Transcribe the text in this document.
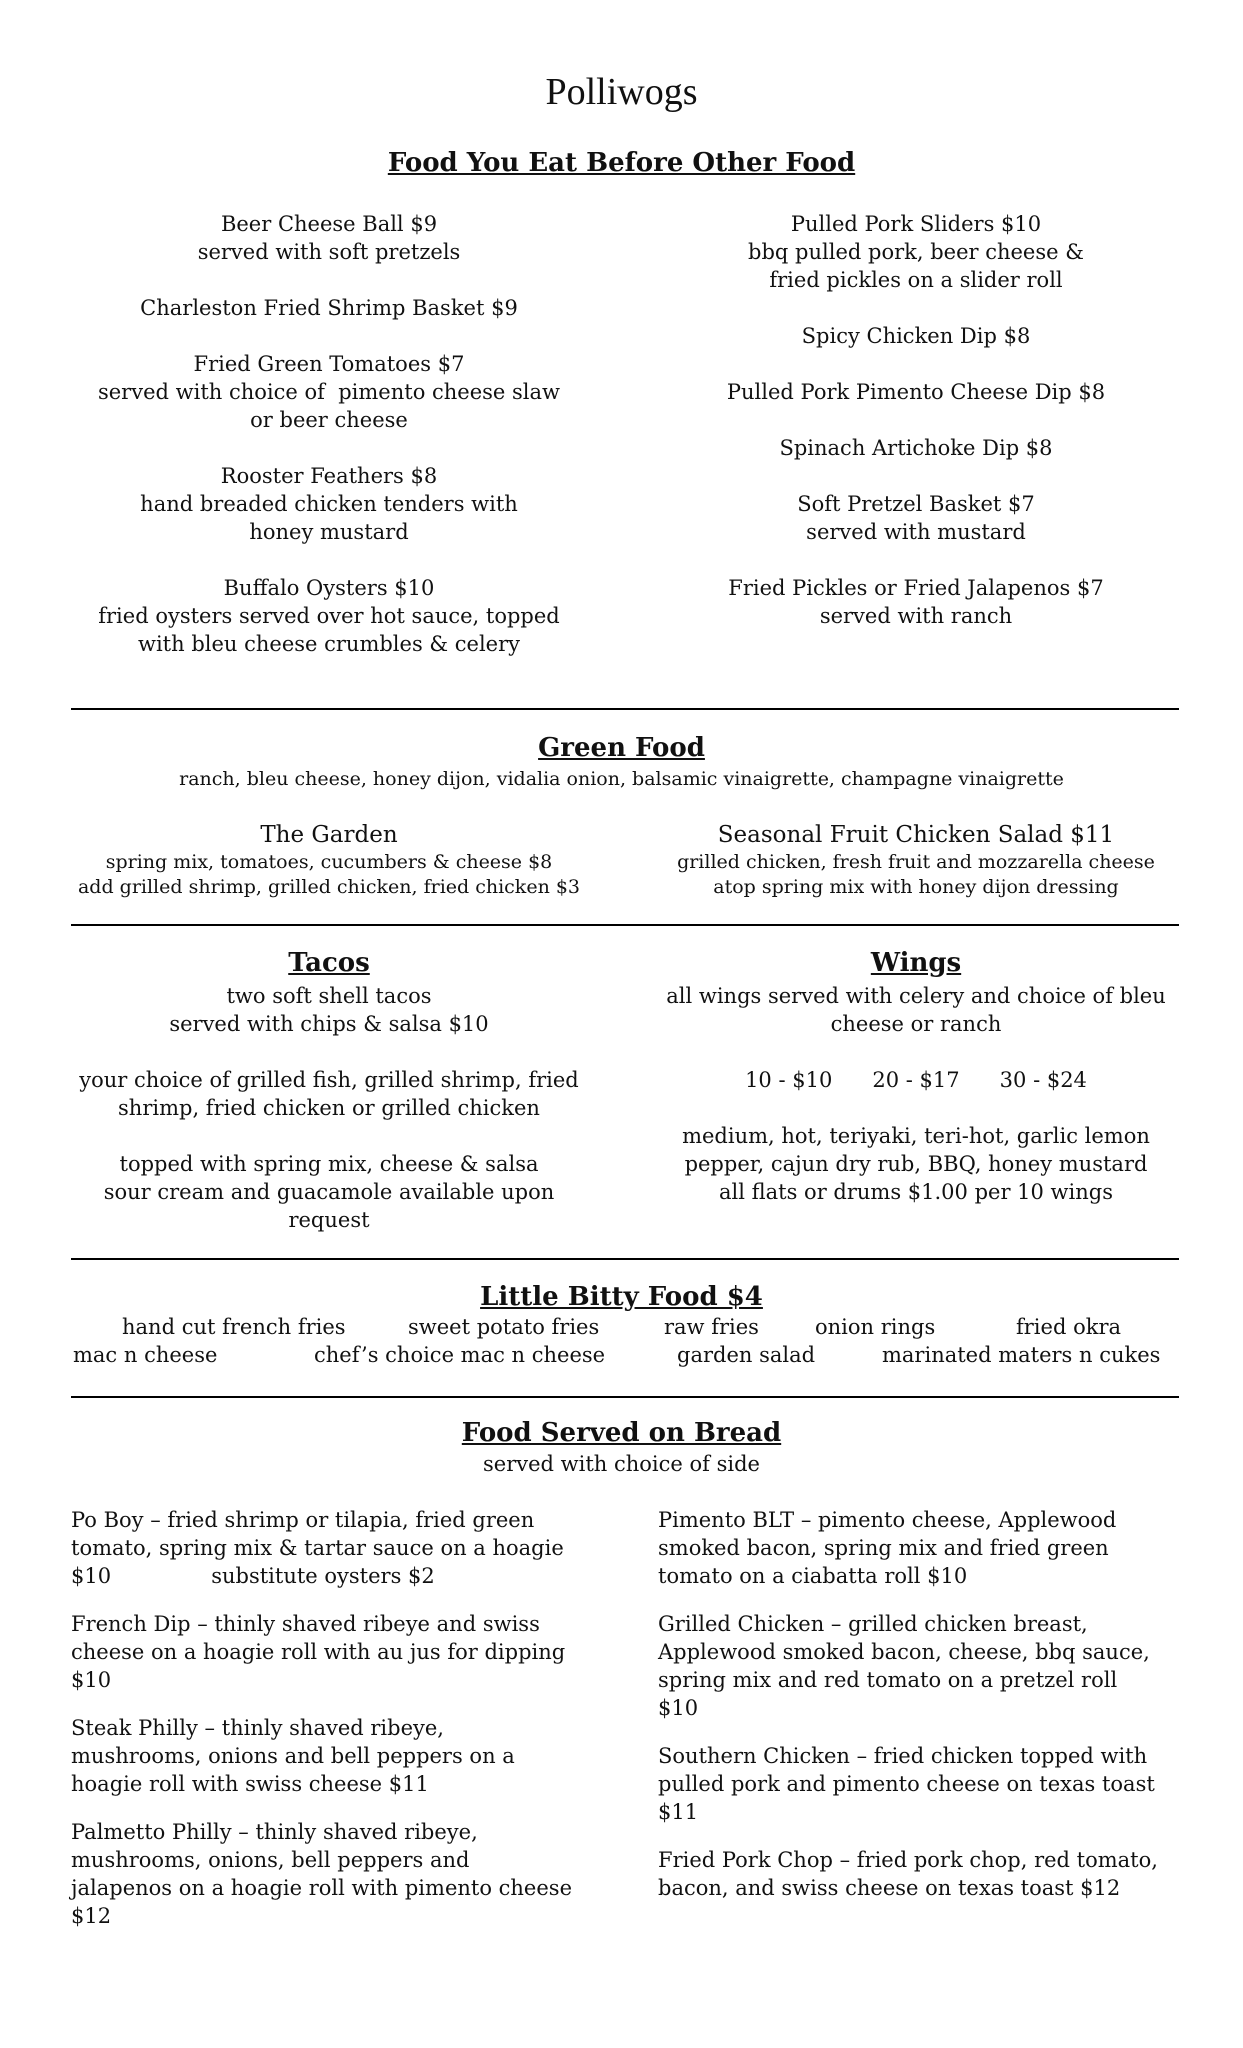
Polliwogs
Food You Eat Before Other Food
Beer Cheese Ball $9
served with soft pretzels
Charleston Fried Shrimp Basket $9
Fried Green Tomatoes $7
served with choice of  pimento cheese slaw
or beer cheese
Rooster Feathers $8
hand breaded chicken tenders with
honey mustard
Buffalo Oysters $10
fried oysters served over hot sauce, topped
with bleu cheese crumbles & celery
Pulled Pork Sliders $10
bbq pulled pork, beer cheese &
fried pickles on a slider roll
Spicy Chicken Dip $8
Pulled Pork Pimento Cheese Dip $8
Spinach Artichoke Dip $8
Soft Pretzel Basket $7
served with mustard
Fried Pickles or Fried Jalapenos $7
served with ranch
Green Food
ranch, bleu cheese, honey dijon, vidalia onion, balsamic vinaigrette, champagne vinaigrette
The Garden
spring mix, tomatoes, cucumbers & cheese $8
add grilled shrimp, grilled chicken, fried chicken $3
Seasonal Fruit Chicken Salad $11
grilled chicken, fresh fruit and mozzarella cheese
atop spring mix with honey dijon dressing
Tacos
two soft shell tacos
served with chips & salsa $10
your choice of grilled fish, grilled shrimp, fried
shrimp, fried chicken or grilled chicken
topped with spring mix, cheese & salsa
sour cream and guacamole available upon
request
Wings
all wings served with celery and choice of bleu
cheese or ranch
10 - $10      20 - $17      30 - $24
medium, hot, teriyaki, teri-hot, garlic lemon
pepper, cajun dry rub, BBQ, honey mustard
all flats or drums $1.00 per 10 wings
Little Bitty Food $4
hand cut french fries	sweet potato fries	raw fries	onion rings	fried okra
mac n cheese	chef’s choice mac n cheese	garden salad	marinated maters n cukes
Food Served on Bread
served with choice of side
Po Boy – fried shrimp or tilapia, fried green
tomato, spring mix & tartar sauce on a hoagie
$10               substitute oysters $2
French Dip – thinly shaved ribeye and swiss
cheese on a hoagie roll with au jus for dipping
$10
Steak Philly – thinly shaved ribeye,
mushrooms, onions and bell peppers on a
hoagie roll with swiss cheese $11
Palmetto Philly – thinly shaved ribeye,
mushrooms, onions, bell peppers and
jalapenos on a hoagie roll with pimento cheese
$12
Pimento BLT – pimento cheese, Applewood
smoked bacon, spring mix and fried green
tomato on a ciabatta roll $10
Grilled Chicken – grilled chicken breast,
Applewood smoked bacon, cheese, bbq sauce,
spring mix and red tomato on a pretzel roll
$10
Southern Chicken – fried chicken topped with
pulled pork and pimento cheese on texas toast
$11
Fried Pork Chop – fried pork chop, red tomato,
bacon, and swiss cheese on texas toast $12
